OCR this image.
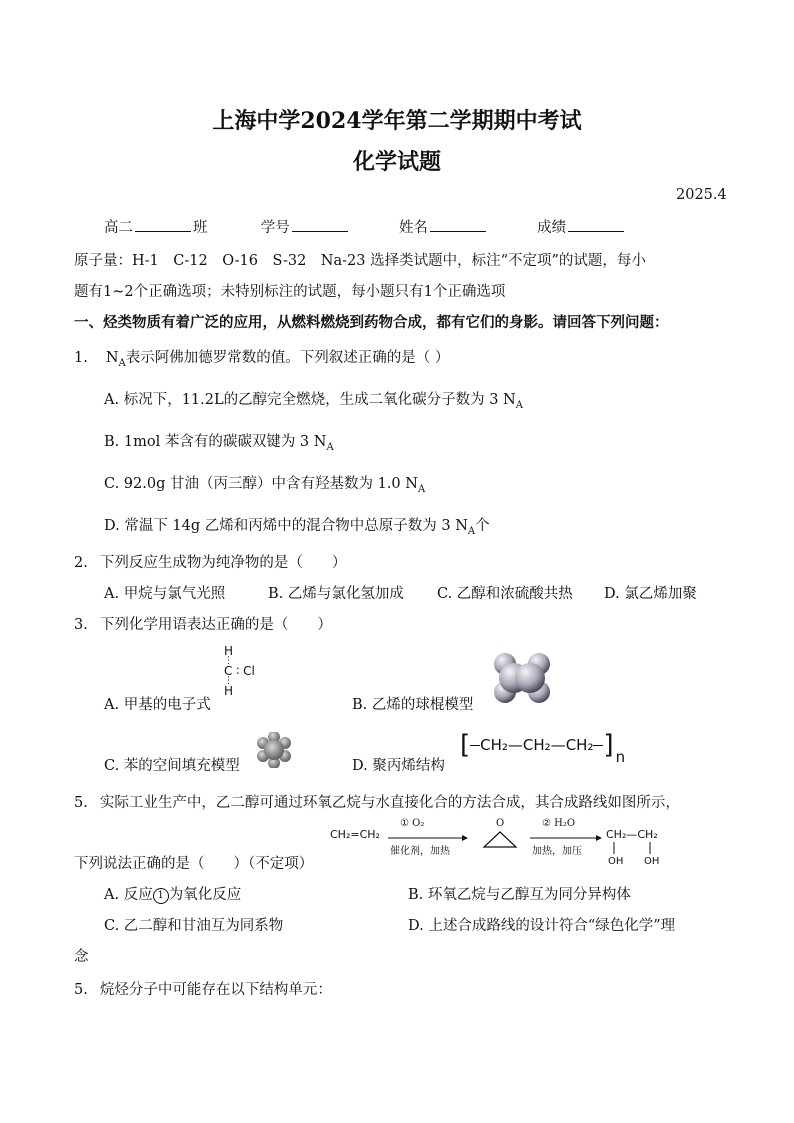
上海中学2024学年第二学期期中考试
化学试题
2025.4
高二	班	学号	姓名	成绩
原子量：H-1　C-12　O-16　S-32　Na-23 选择类试题中，标注“不定项”的试题，每小
题有1~2个正确选项；未特别标注的试题，每小题只有1个正确选项
一、烃类物质有着广泛的应用，从燃料燃烧到药物合成，都有它们的身影。请回答下列问题：
1. $N_A$表示阿佛加德罗常数的值。下列叙述正确的是（ ）
A. 标况下，11.2L的乙醇完全燃烧，生成二氧化碳分子数为 3 $N_A$
B. 1mol 苯含有的碳碳双键为 3 $N_A$
C. 92.0g 甘油（丙三醇）中含有羟基数为 1.0 $N_A$
D. 常温下 14g 乙烯和丙烯中的混合物中总原子数为 3 $N_A$个
2. 下列反应生成物为纯净物的是（　　）
A. 甲烷与氯气光照	B. 乙烯与氯化氢加成 C. 乙醇和浓硫酸共热 D. 氯乙烯加聚
3. 下列化学用语表达正确的是（　　）
H
⋮
C ∶ Cl
⋮
H
A. 甲基的电子式	B. 乙烯的球棍模型
C. 苯的空间填充模型	D. 聚丙烯结构
[ CH₂—CH₂—CH₂ ] n
5. 实际工业生产中，乙二醇可通过环氧乙烷与水直接化合的方法合成，其合成路线如图所示，
CH₂=CH₂
① O₂
催化剂，加热
O	② H₂O
加热，加压
CH₂—CH₂
OH OH
下列说法正确的是（　　）（不定项）
A. 反应 1 为氧化反应	B. 环氧乙烷与乙醇互为同分异构体
C. 乙二醇和甘油互为同系物	D. 上述合成路线的设计符合“绿色化学”理
念
5. 烷烃分子中可能存在以下结构单元：
